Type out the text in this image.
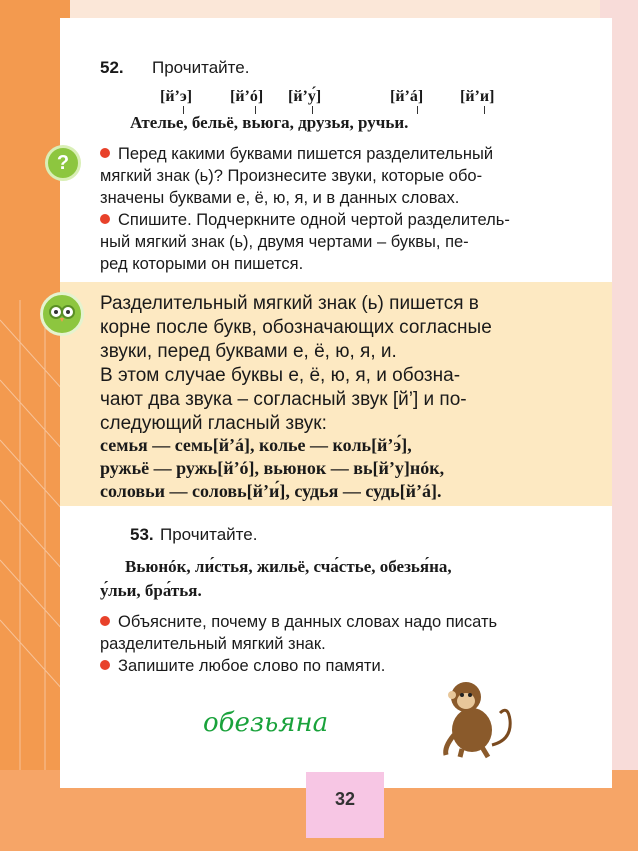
52. Прочитайте.
[й’э] [й’ó] [й’у́]	[й’á] [й’и]
Ателье, бельё, вьюга, друзья, ручьи.
?	Перед какими буквами пишется разделительный
мягкий знак (ь)? Произнесите звуки, которые обо-
значены буквами е, ё, ю, я, и в данных словах.
Спишите. Подчеркните одной чертой разделитель-
ный мягкий знак (ь), двумя чертами – буквы, пе-
ред которыми он пишется.
Разделительный мягкий знак (ь) пишется в
корне после букв, обозначающих согласные
звуки, перед буквами е, ё, ю, я, и.
В этом случае буквы е, ё, ю, я, и обозна-
чают два звука – согласный звук [й’] и по-
следующий гласный звук:
семья — семь[й’á], колье — коль[й’э́],
ружьё — ружь[й’ó], вьюнок — вь[й’у]нóк,
соловьи — соловь[й’и́], судья — судь[й’á].
53. Прочитайте.
Вьюнóк, ли́стья, жильё, сча́стье, обезья́на,
у́льи, бра́тья.
Объясните, почему в данных словах надо писать
разделительный мягкий знак.
Запишите любое слово по памяти.
обезьяна
32
